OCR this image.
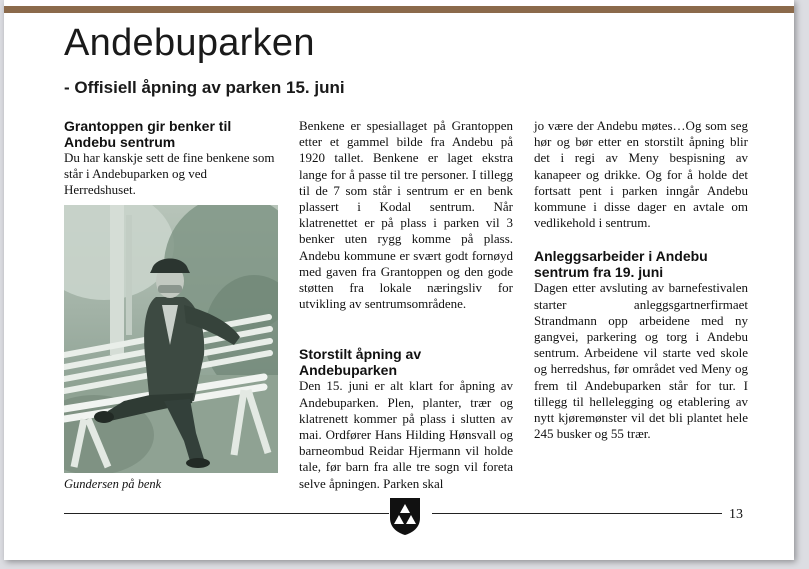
Andebuparken
- Offisiell åpning av parken 15. juni
Grantoppen gir benker til Andebu sentrum

Du har kanskje sett de fine benkene som står i Andebuparken og ved Herredshuset.

Gundersen på benk

Benkene er spesiallaget på Grantoppen etter et gammel bilde fra Andebu på 1920 tallet. Benkene er laget ekstra lange for å passe til tre personer. I tillegg til de 7 som står i sentrum er en benk plassert i Kodal sentrum. Når klatrenettet er på plass i parken vil 3 benker uten rygg komme på plass. Andebu kommune er svært godt fornøyd med gaven fra Grantoppen og den gode støtten fra lokale næringsliv for utvikling av sentrumsområdene.

Storstilt åpning av Andebuparken

Den 15. juni er alt klart for åpning av Andebuparken. Plen, planter, trær og klatrenett kommer på plass i slutten av mai. Ordfører Hans Hilding Hønsvall og barneombud Reidar Hjermann vil holde tale, før barn fra alle tre sogn vil foreta selve åpningen. Parken skal

jo være der Andebu møtes…Og som seg hør og bør etter en storstilt åpning blir det i regi av Meny bespisning av kanapeer og drikke. Og for å holde det fortsatt pent i parken inngår Andebu kommune i disse dager en avtale om vedlikehold i sentrum.

Anleggsarbeider i Andebu sentrum fra 19. juni

Dagen etter avsluting av barnefestivalen starter anleggsgartnerfirmaet Strandmann opp arbeidene med ny gangvei, parkering og torg i Andebu sentrum. Arbeidene vil starte ved skole og herredshus, før området ved Meny og frem til Andebuparken står for tur. I tillegg til hellelegging og etablering av nytt kjøremønster vil det bli plantet hele 245 busker og 55 trær.

13
